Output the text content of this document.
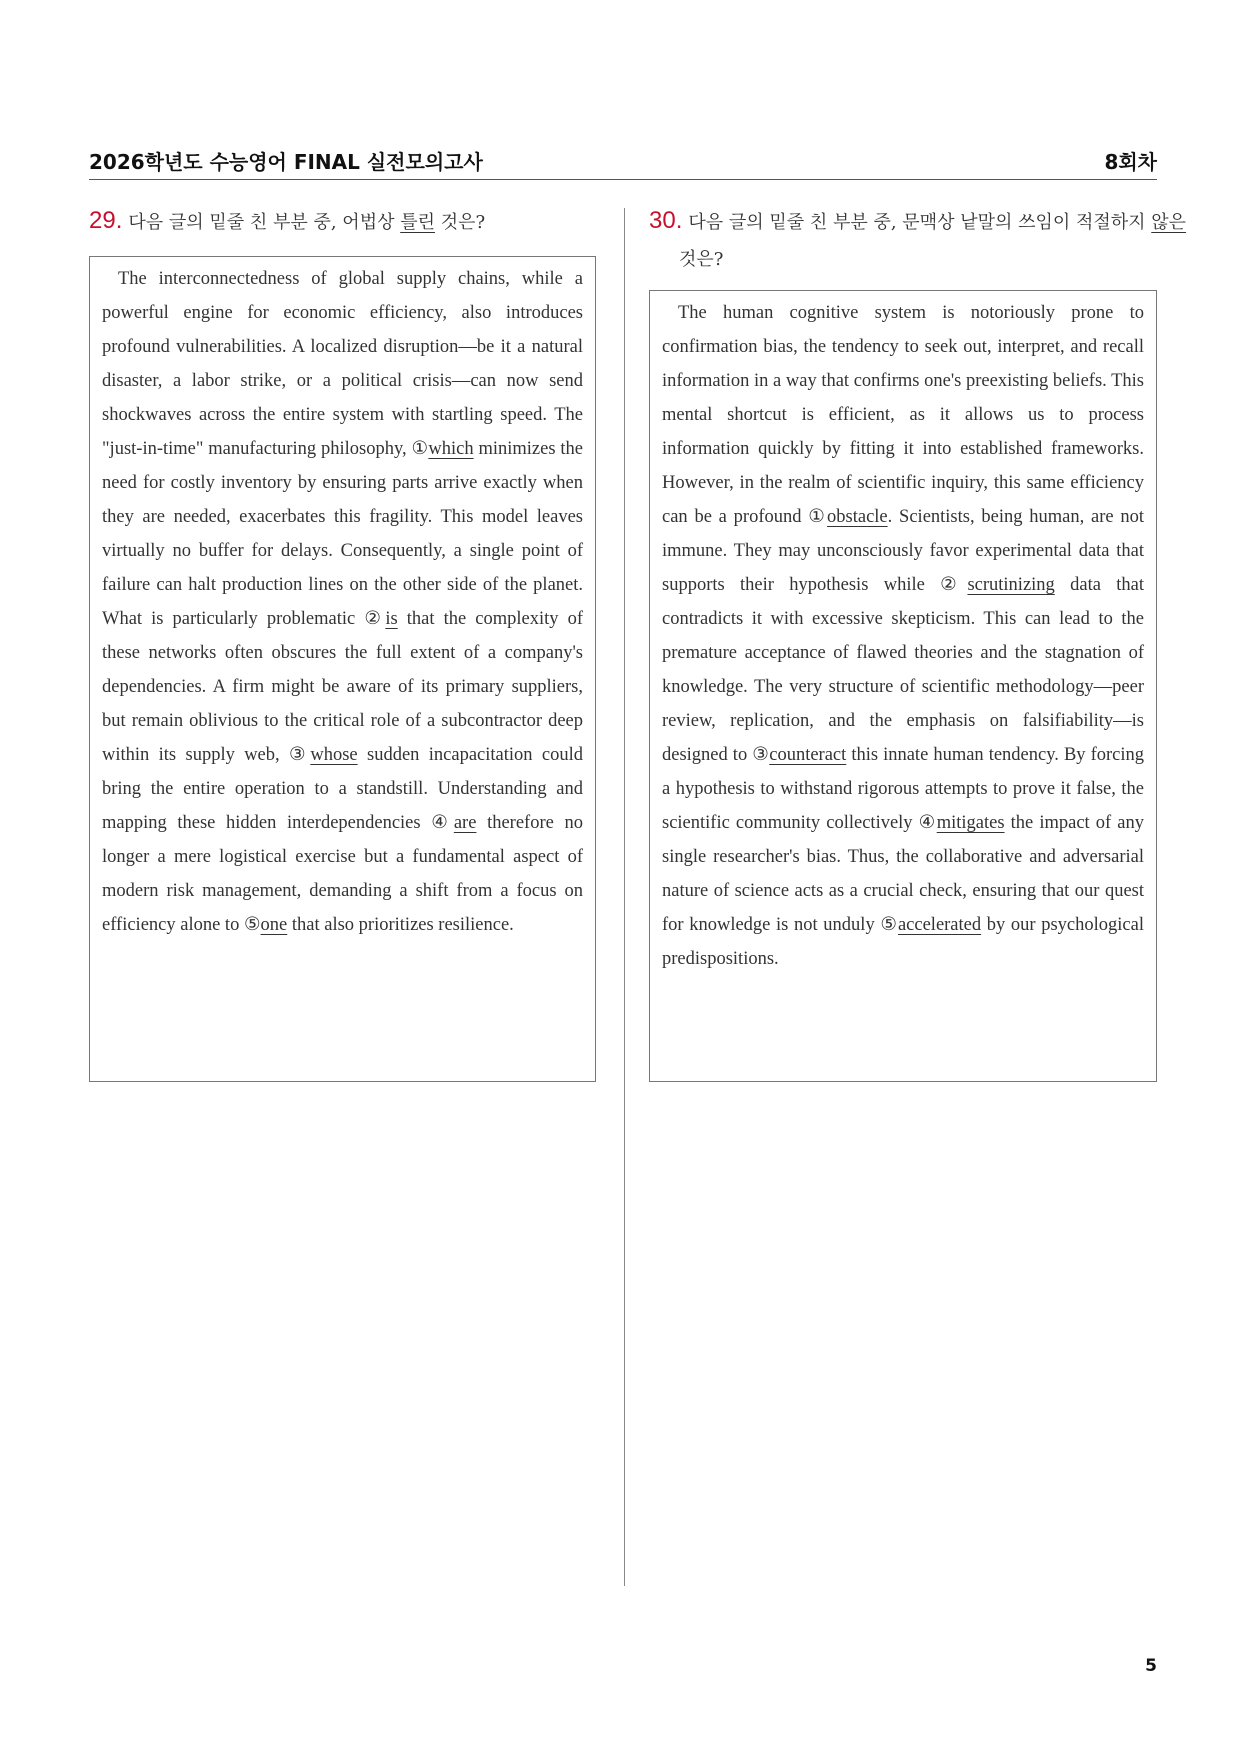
2026학년도 수능영어 FINAL 실전모의고사	8회차
29. 다음 글의 밑줄 친 부분 중, 어법상 틀린 것은?

The interconnectedness of global supply chains, while a powerful engine for economic efficiency, also introduces profound vulnerabilities. A localized disruption—be it a natural disaster, a labor strike, or a political crisis—can now send shockwaves across the entire system with startling speed. The "just-in-time" manufacturing philosophy, ①which minimizes the need for costly inventory by ensuring parts arrive exactly when they are needed, exacerbates this fragility. This model leaves virtually no buffer for delays. Consequently, a single point of failure can halt production lines on the other side of the planet. What is particularly problematic ②is that the complexity of these networks often obscures the full extent of a company's dependencies. A firm might be aware of its primary suppliers, but remain oblivious to the critical role of a subcontractor deep within its supply web, ③whose sudden incapacitation could bring the entire operation to a standstill. Understanding and mapping these hidden interdependencies ④are therefore no longer a mere logistical exercise but a fundamental aspect of modern risk management, demanding a shift from a focus on efficiency alone to ⑤one that also prioritizes resilience.

30. 다음 글의 밑줄 친 부분 중, 문맥상 낱말의 쓰임이 적절하지 않은 것은?

The human cognitive system is notoriously prone to confirmation bias, the tendency to seek out, interpret, and recall information in a way that confirms one's preexisting beliefs. This mental shortcut is efficient, as it allows us to process information quickly by fitting it into established frameworks. However, in the realm of scientific inquiry, this same efficiency can be a profound ①obstacle. Scientists, being human, are not immune. They may unconsciously favor experimental data that supports their hypothesis while ②scrutinizing data that contradicts it with excessive skepticism. This can lead to the premature acceptance of flawed theories and the stagnation of knowledge. The very structure of scientific methodology—peer review, replication, and the emphasis on falsifiability—is designed to ③counteract this innate human tendency. By forcing a hypothesis to withstand rigorous attempts to prove it false, the scientific community collectively ④mitigates the impact of any single researcher's bias. Thus, the collaborative and adversarial nature of science acts as a crucial check, ensuring that our quest for knowledge is not unduly ⑤accelerated by our psychological predispositions.

5
